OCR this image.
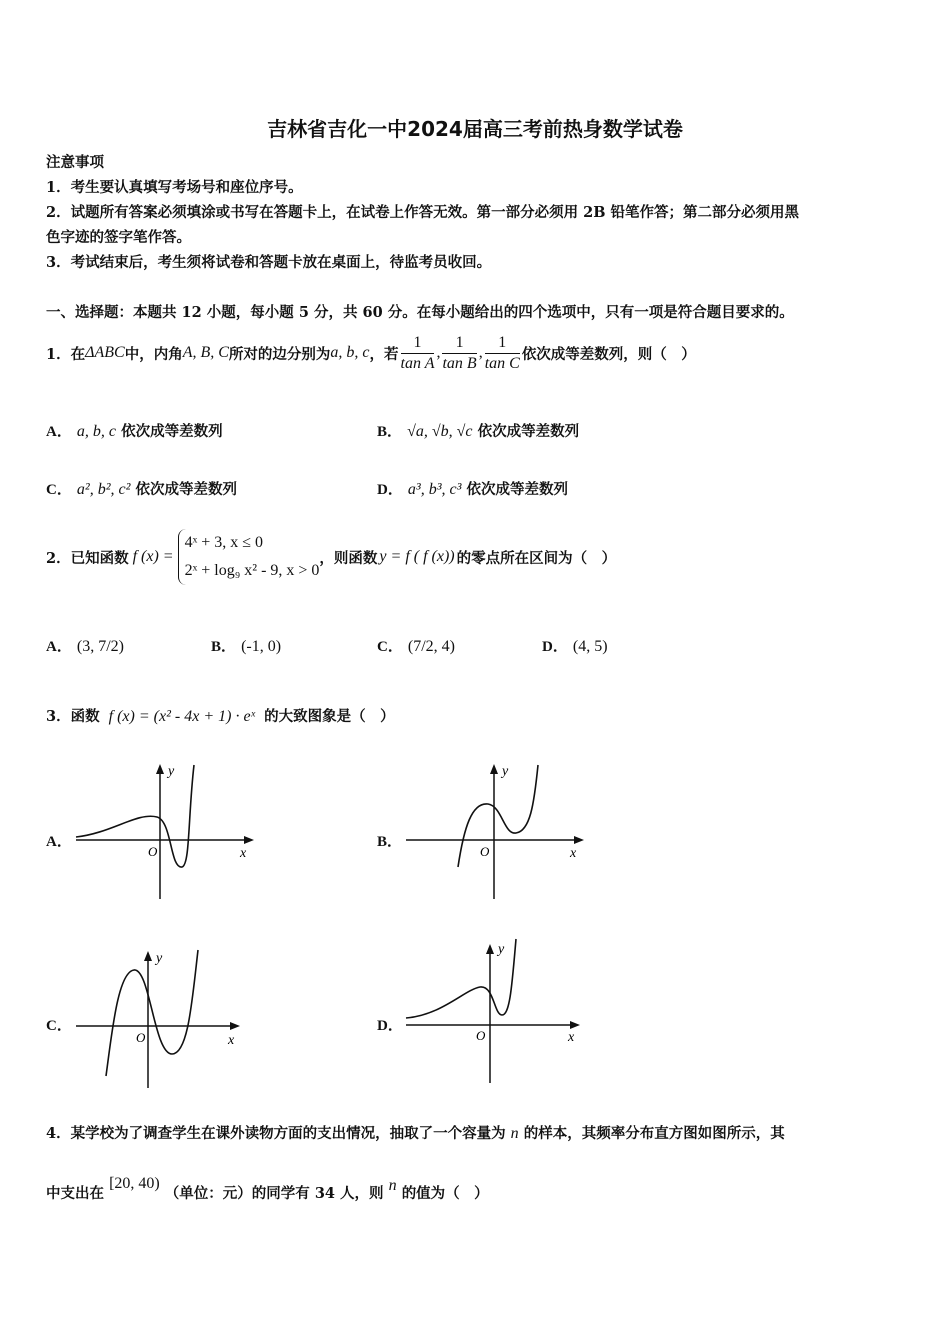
吉林省吉化一中2024届高三考前热身数学试卷
注意事项
1．考生要认真填写考场号和座位序号。
2．试题所有答案必须填涂或书写在答题卡上，在试卷上作答无效。第一部分必须用 2B 铅笔作答；第二部分必须用黑
色字迹的签字笔作答。
3．考试结束后，考生须将试卷和答题卡放在桌面上，待监考员收回。
一、选择题：本题共 12 小题，每小题 5 分，共 60 分。在每小题给出的四个选项中，只有一项是符合题目要求的。
1．在 ΔABC 中，内角 A, B, C 所对的边分别为 a, b, c ，若 $\frac{1}{\text{tan A}}$ , $\frac{1}{\text{tan B}}$ , $\frac{1}{\text{tan C}}$ 依次成等差数列，则（　）
A． a, b, c 依次成等差数列	B． √a, √b, √c 依次成等差数列
C． a², b², c² 依次成等差数列	D． a³, b³, c³ 依次成等差数列
2．已知函数 f (x) =
4ˣ + 3, x ≤ 0
2ˣ + log₉ x² - 9, x > 0
，则函数 y = f ( f (x)) 的零点所在区间为（　）
A． (3, 7/2)	B． (-1, 0)	C． (7/2, 4)	D． (4, 5)
3．函数 f (x) = (x² - 4x + 1) · eˣ 的大致图象是（　）
A．
y
x
O
B．
y
x
O
C．
y
x
O
D．
y
x
O
4．某学校为了调查学生在课外读物方面的支出情况，抽取了一个容量为 n 的样本，其频率分布直方图如图所示，其
中支出在 [20, 40) （单位：元）的同学有 34 人，则 n 的值为（　）
